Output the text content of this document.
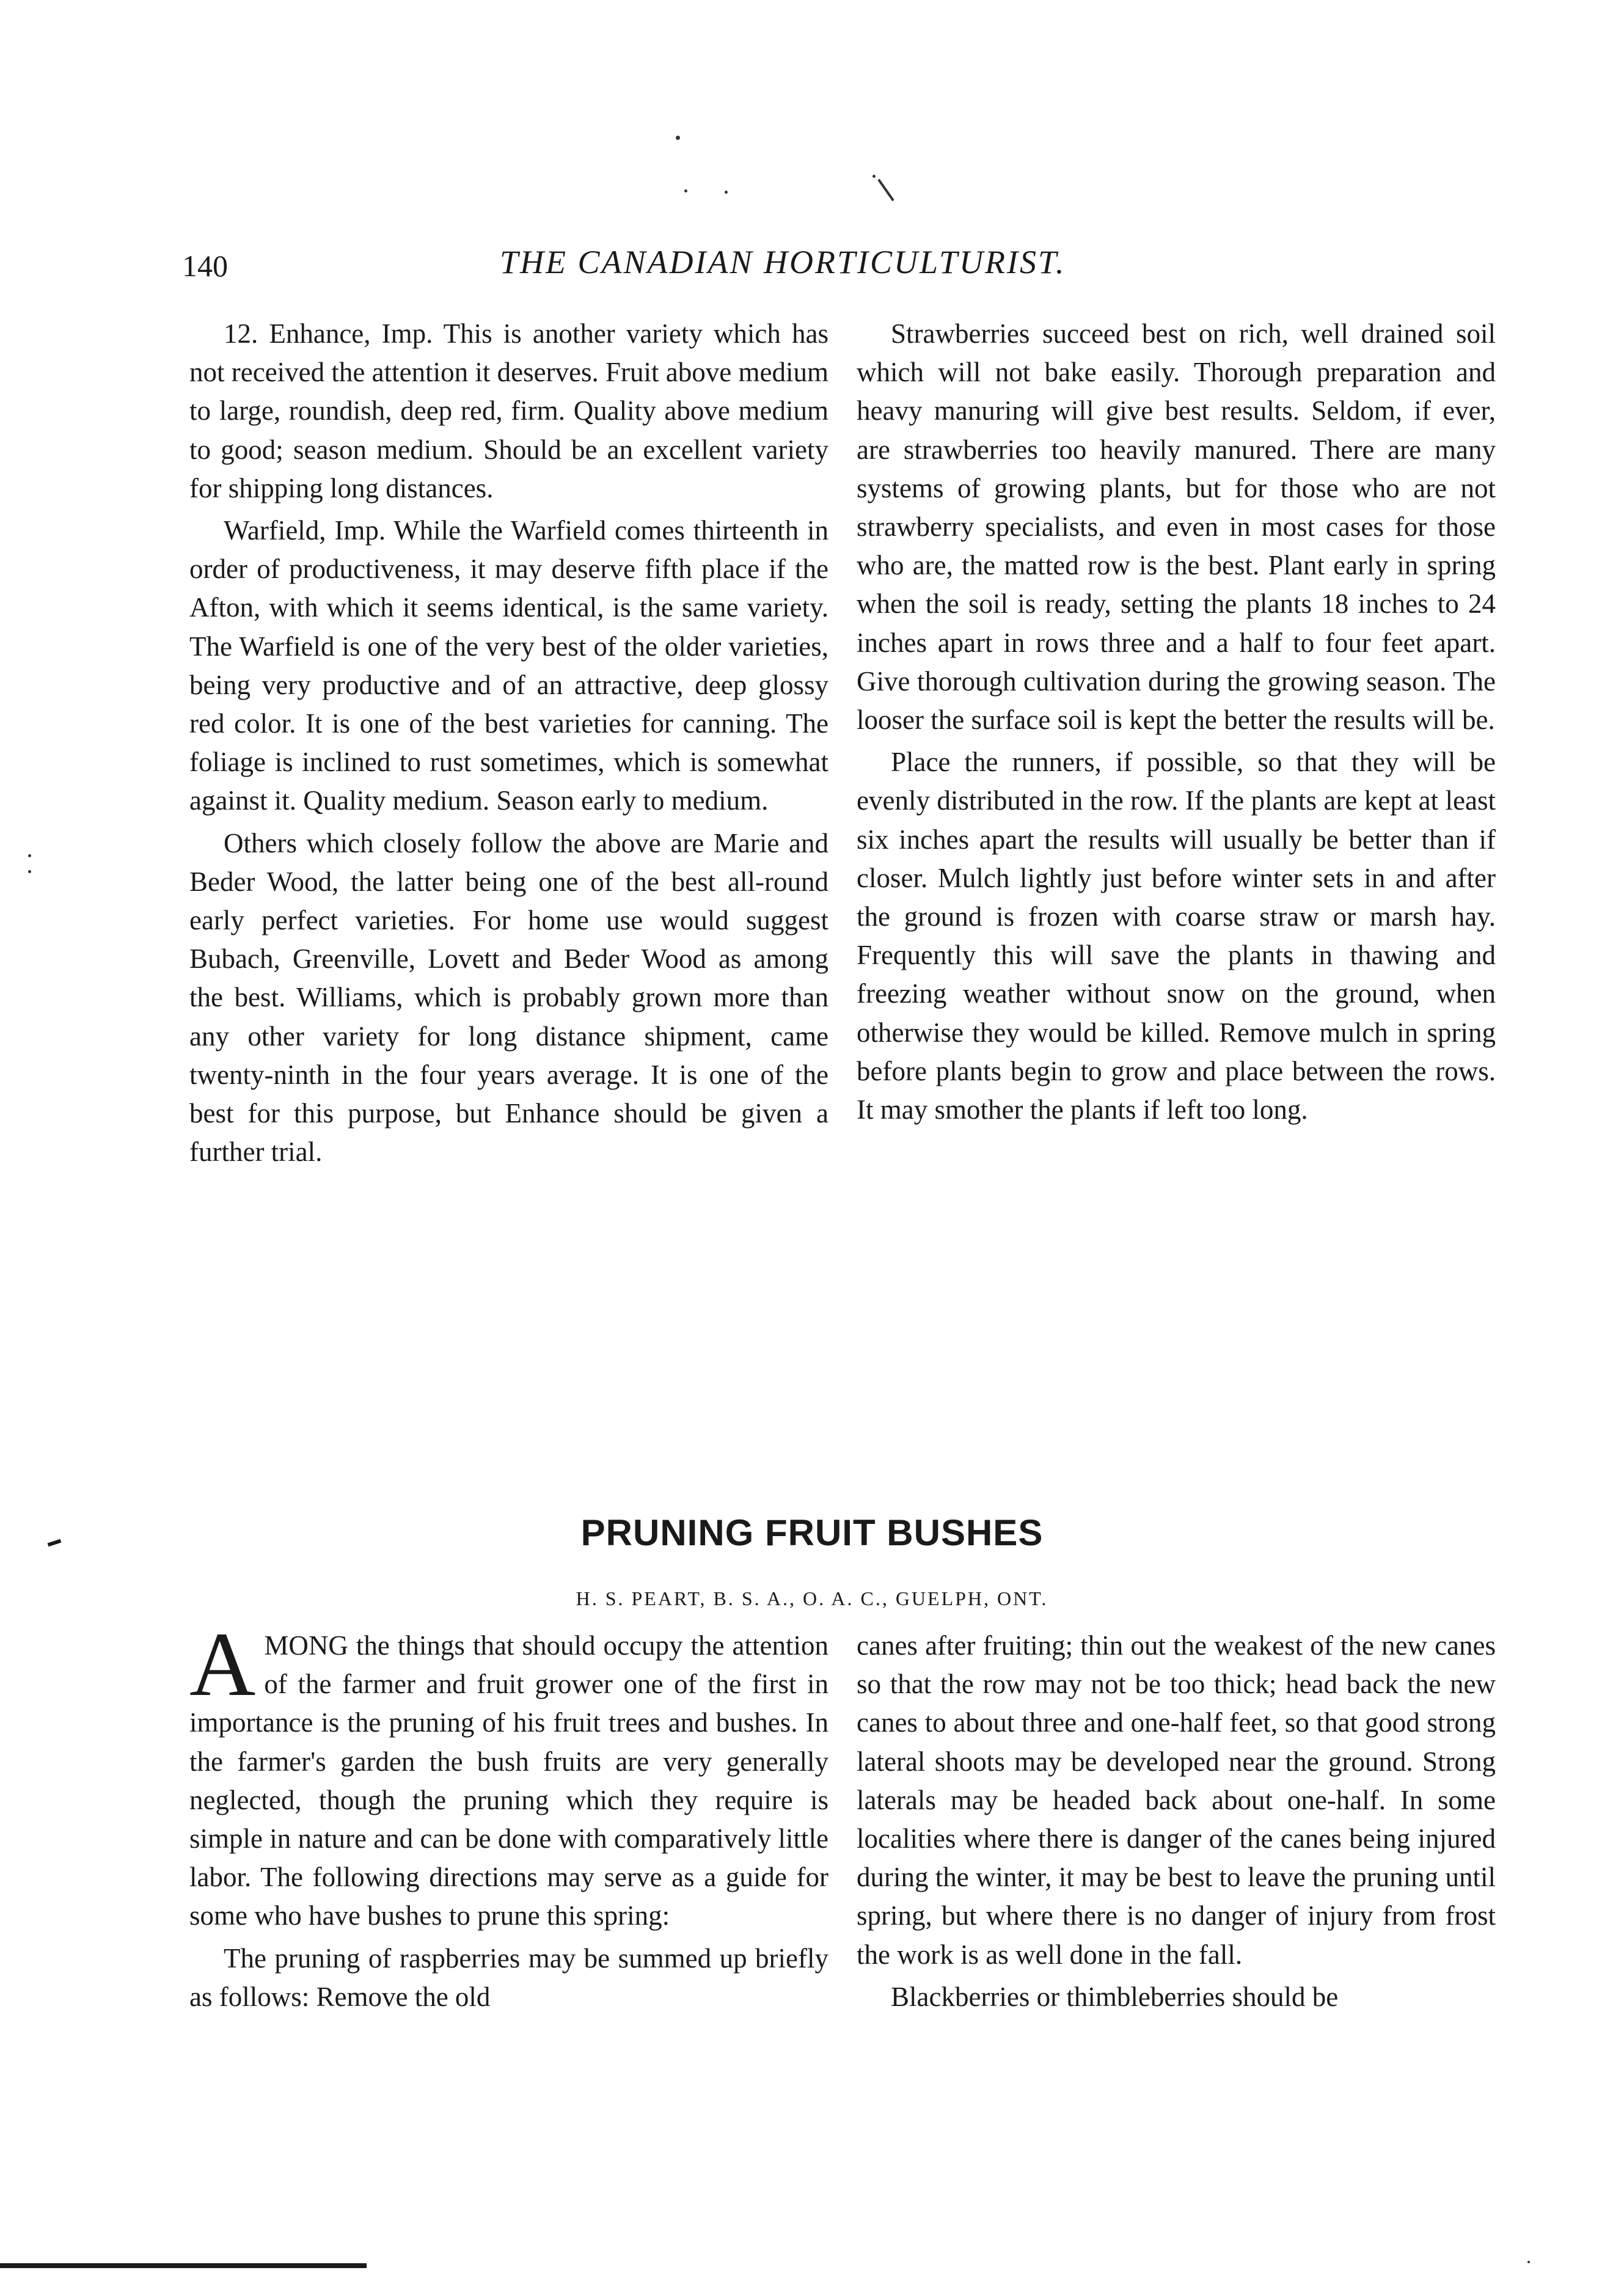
140	THE CANADIAN HORTICULTURIST.

12. Enhance, Imp. This is another variety which has not received the attention it deserves. Fruit above medium to large, roundish, deep red, firm. Quality above medium to good; season medium. Should be an excellent variety for shipping long distances.

Warfield, Imp. While the Warfield comes thirteenth in order of productiveness, it may deserve fifth place if the Afton, with which it seems identical, is the same variety. The Warfield is one of the very best of the older varieties, being very productive and of an attractive, deep glossy red color. It is one of the best varieties for canning. The foliage is inclined to rust sometimes, which is somewhat against it. Quality medium. Season early to medium.

Others which closely follow the above are Marie and Beder Wood, the latter being one of the best all-round early perfect varieties. For home use would suggest Bubach, Greenville, Lovett and Beder Wood as among the best. Williams, which is probably grown more than any other variety for long distance shipment, came twenty-ninth in the four years average. It is one of the best for this purpose, but Enhance should be given a further trial.

Strawberries succeed best on rich, well drained soil which will not bake easily. Thorough preparation and heavy manuring will give best results. Seldom, if ever, are strawberries too heavily manured. There are many systems of growing plants, but for those who are not strawberry specialists, and even in most cases for those who are, the matted row is the best. Plant early in spring when the soil is ready, setting the plants 18 inches to 24 inches apart in rows three and a half to four feet apart. Give thorough cultivation during the growing season. The looser the surface soil is kept the better the results will be.

Place the runners, if possible, so that they will be evenly distributed in the row. If the plants are kept at least six inches apart the results will usually be better than if closer. Mulch lightly just before winter sets in and after the ground is frozen with coarse straw or marsh hay. Frequently this will save the plants in thawing and freezing weather without snow on the ground, when otherwise they would be killed. Remove mulch in spring before plants begin to grow and place between the rows. It may smother the plants if left too long.

PRUNING FRUIT BUSHES
H. S. PEART, B. S. A., O. A. C., GUELPH, ONT.

AMONG the things that should occupy the attention of the farmer and fruit grower one of the first in importance is the pruning of his fruit trees and bushes. In the farmer's garden the bush fruits are very generally neglected, though the pruning which they require is simple in nature and can be done with comparatively little labor. The following directions may serve as a guide for some who have bushes to prune this spring:

The pruning of raspberries may be summed up briefly as follows: Remove the old

canes after fruiting; thin out the weakest of the new canes so that the row may not be too thick; head back the new canes to about three and one-half feet, so that good strong lateral shoots may be developed near the ground. Strong laterals may be headed back about one-half. In some localities where there is danger of the canes being injured during the winter, it may be best to leave the pruning until spring, but where there is no danger of injury from frost the work is as well done in the fall.

Blackberries or thimbleberries should be
